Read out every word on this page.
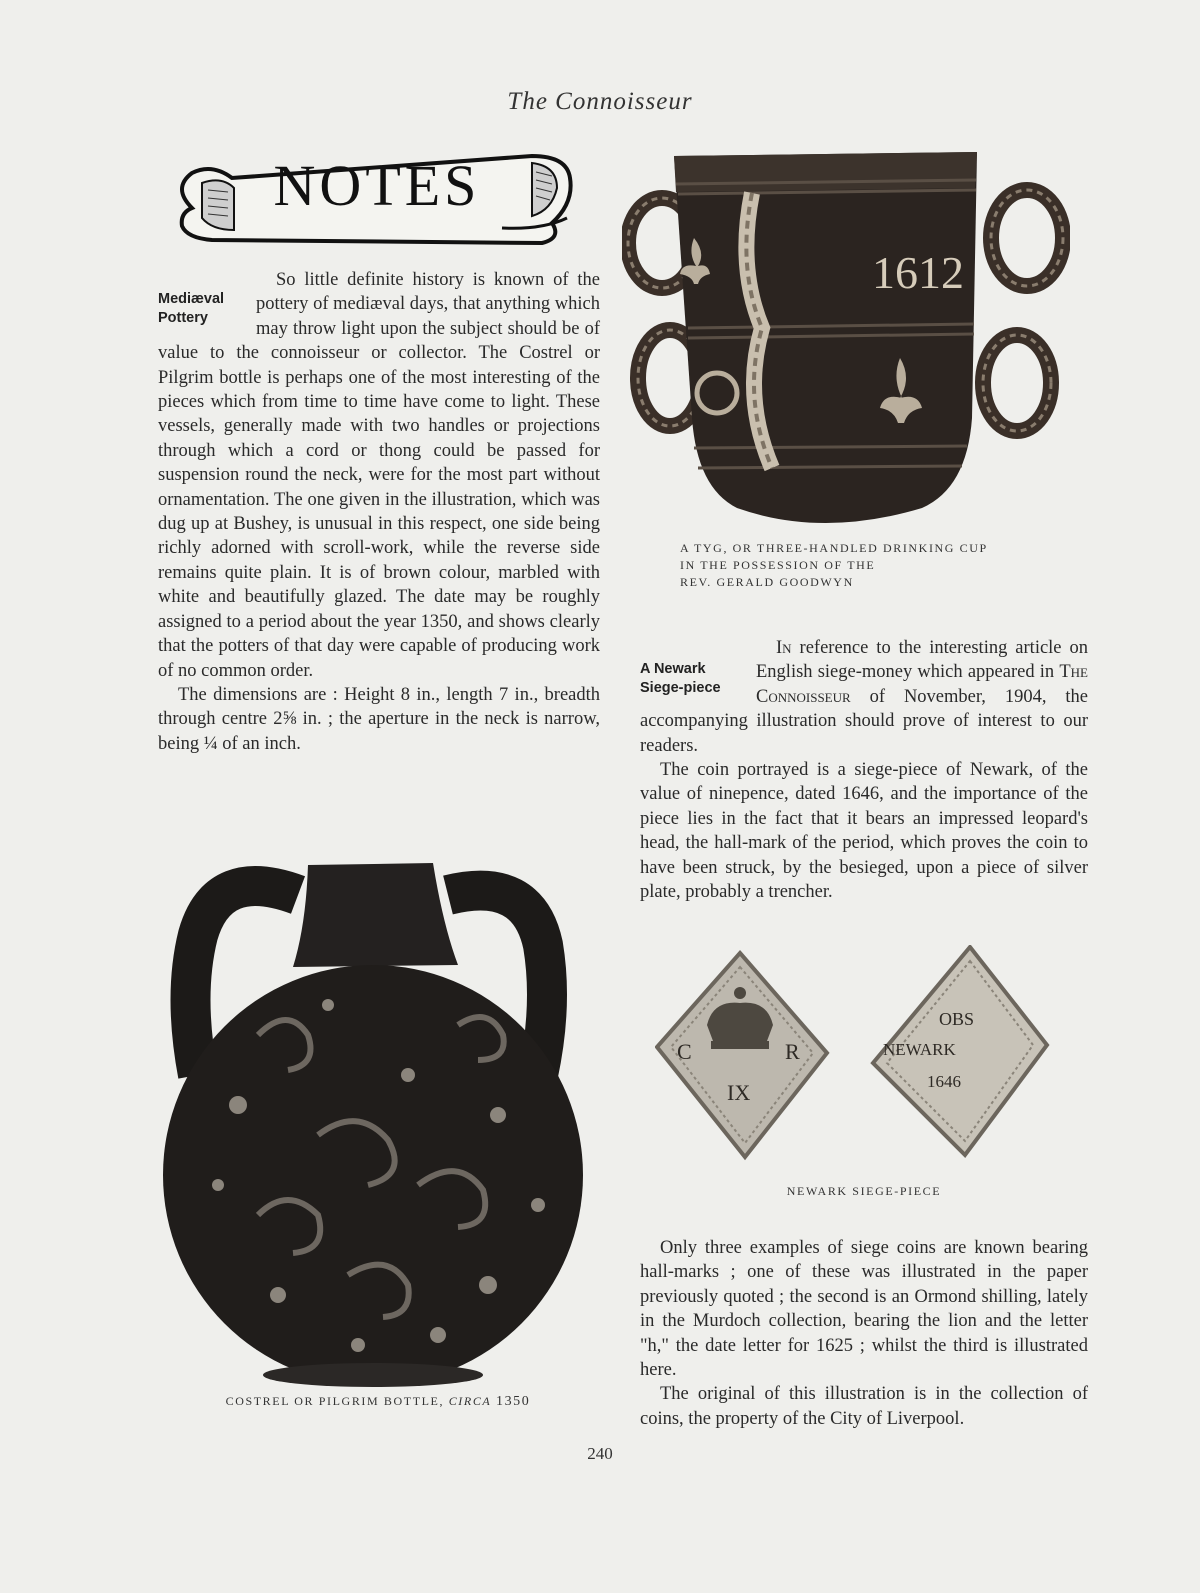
The Connoisseur
NOTES

Mediæval Pottery
So little definite history is known of the pottery of mediæval days, that anything which may throw light upon the subject should be of value to the connoisseur or collector. The Costrel or Pilgrim bottle is perhaps one of the most interesting of the pieces which from time to time have come to light. These vessels, generally made with two handles or projections through which a cord or thong could be passed for suspension round the neck, were for the most part without ornamentation. The one given in the illustration, which was dug up at Bushey, is unusual in this respect, one side being richly adorned with scroll-work, while the reverse side remains quite plain. It is of brown colour, marbled with white and beautifully glazed. The date may be roughly assigned to a period about the year 1350, and shows clearly that the potters of that day were capable of producing work of no common order.

The dimensions are : Height 8 in., length 7 in., breadth through centre 2⅝ in. ; the aperture in the neck is narrow, being ¼ of an inch.

1612
A TYG, OR THREE-HANDLED DRINKING CUP
IN THE POSSESSION OF THE
REV. GERALD GOODWYN

A Newark
Siege-piece
In reference to the interesting article on English siege-money which appeared in The Connoisseur of November, 1904, the accompanying illustration should prove of interest to our readers.

The coin portrayed is a siege-piece of Newark, of the value of ninepence, dated 1646, and the importance of the piece lies in the fact that it bears an impressed leopard's head, the hall-mark of the period, which proves the coin to have been struck, by the besieged, upon a piece of silver plate, probably a trencher.

C	R
IX
OBS
NEWARK
1646
NEWARK SIEGE-PIECE

Only three examples of siege coins are known bearing hall-marks ; one of these was illustrated in the paper previously quoted ; the second is an Ormond shilling, lately in the Murdoch collection, bearing the lion and the letter "h," the date letter for 1625 ; whilst the third is illustrated here.

The original of this illustration is in the collection of coins, the property of the City of Liverpool.

COSTREL OR PILGRIM BOTTLE, CIRCA 1350
240
